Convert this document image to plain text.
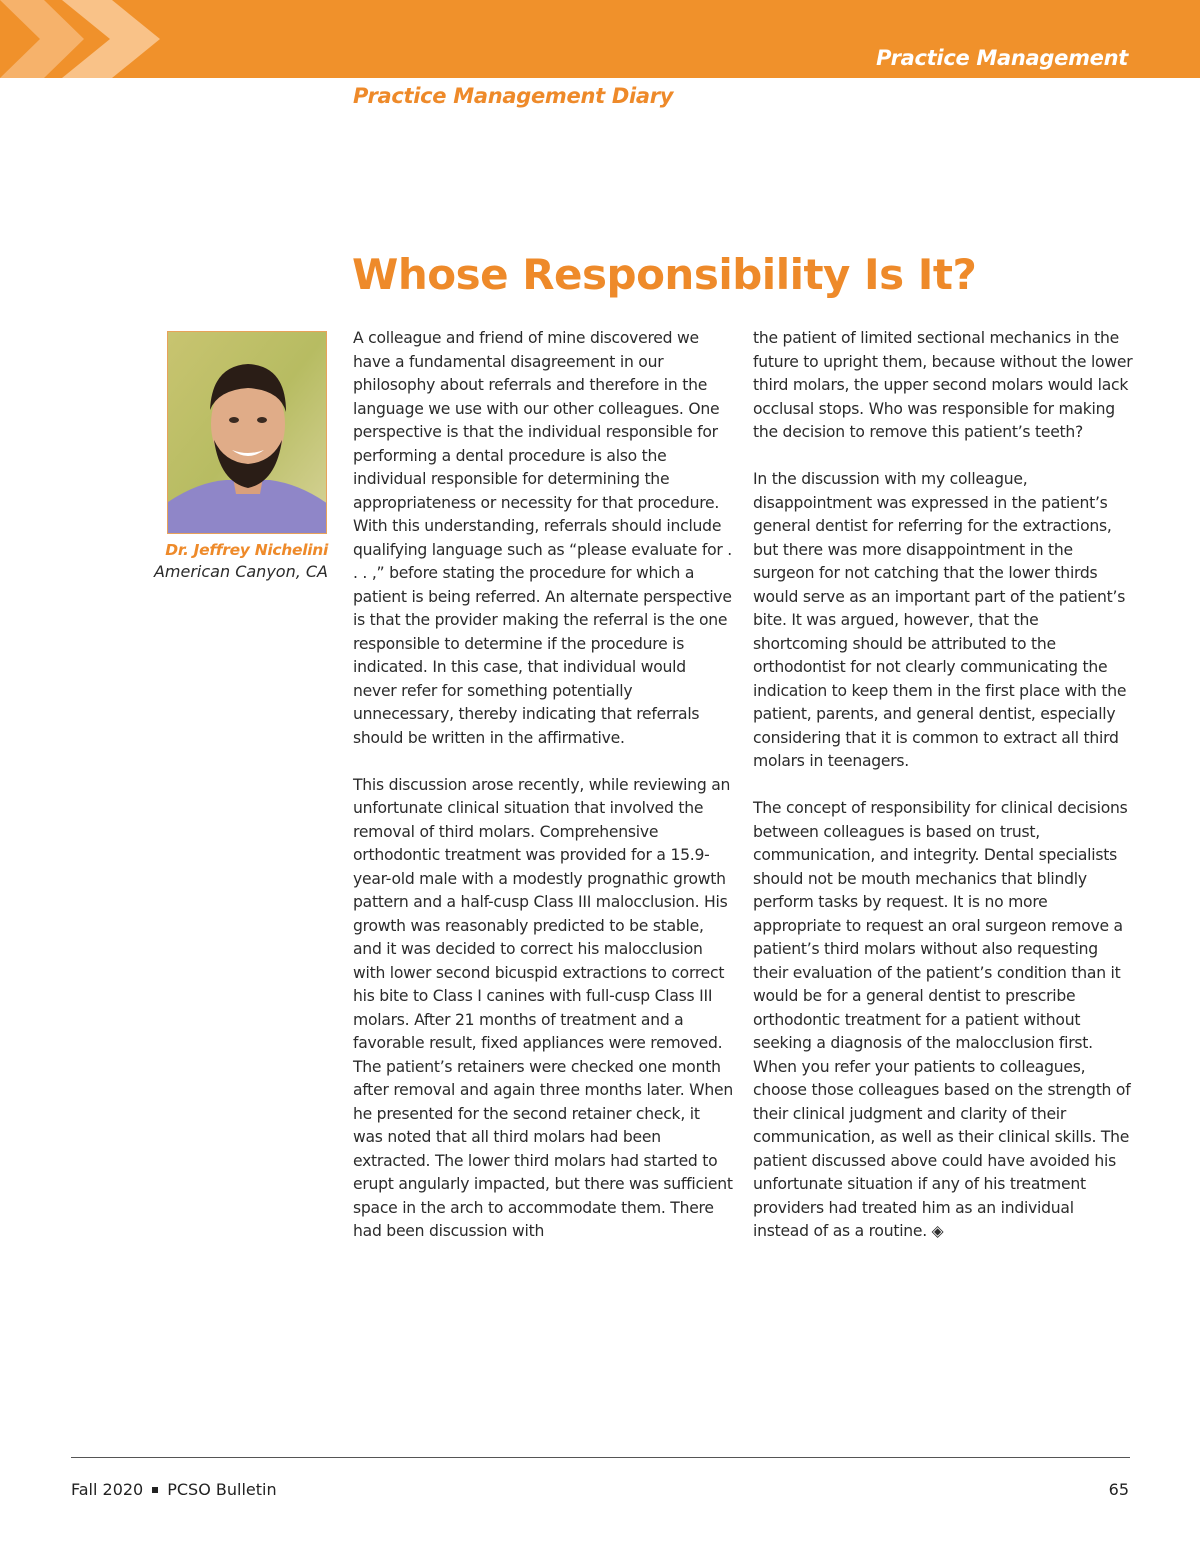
Practice Management
Practice Management Diary
Whose Responsibility Is It?
Dr. Jeffrey Nichelini
American Canyon, CA

A colleague and friend of mine discovered we have a fundamental disagreement in our philosophy about referrals and therefore in the language we use with our other colleagues. One perspective is that the individual responsible for performing a dental procedure is also the individual responsible for determining the appropriateness or necessity for that procedure. With this understanding, referrals should include qualifying language such as “please evaluate for . . . ,” before stating the procedure for which a patient is being referred. An alternate perspective is that the provider making the referral is the one responsible to determine if the procedure is indicated. In this case, that individual would never refer for something potentially unnecessary, thereby indicating that referrals should be written in the affirmative.

This discussion arose recently, while reviewing an unfortunate clinical situation that involved the removal of third molars. Comprehensive orthodontic treatment was provided for a 15.9-year-old male with a modestly prognathic growth pattern and a half-cusp Class III malocclusion. His growth was reasonably predicted to be stable, and it was decided to correct his malocclusion with lower second bicuspid extractions to correct his bite to Class I canines with full-cusp Class III molars. After 21 months of treatment and a favorable result, fixed appliances were removed. The patient’s retainers were checked one month after removal and again three months later. When he presented for the second retainer check, it was noted that all third molars had been extracted. The lower third molars had started to erupt angularly impacted, but there was sufficient space in the arch to accommodate them. There had been discussion with

the patient of limited sectional mechanics in the future to upright them, because without the lower third molars, the upper second molars would lack occlusal stops. Who was responsible for making the decision to remove this patient’s teeth?

In the discussion with my colleague, disappointment was expressed in the patient’s general dentist for referring for the extractions, but there was more disappointment in the surgeon for not catching that the lower thirds would serve as an important part of the patient’s bite. It was argued, however, that the shortcoming should be attributed to the orthodontist for not clearly communicating the indication to keep them in the first place with the patient, parents, and general dentist, especially considering that it is common to extract all third molars in teenagers.

The concept of responsibility for clinical decisions between colleagues is based on trust, communication, and integrity. Dental specialists should not be mouth mechanics that blindly perform tasks by request. It is no more appropriate to request an oral surgeon remove a patient’s third molars without also requesting their evaluation of the patient’s condition than it would be for a general dentist to prescribe orthodontic treatment for a patient without seeking a diagnosis of the malocclusion first. When you refer your patients to colleagues, choose those colleagues based on the strength of their clinical judgment and clarity of their communication, as well as their clinical skills. The patient discussed above could have avoided his unfortunate situation if any of his treatment providers had treated him as an individual instead of as a routine. ◈

Fall 2020 PCSO Bulletin	65
